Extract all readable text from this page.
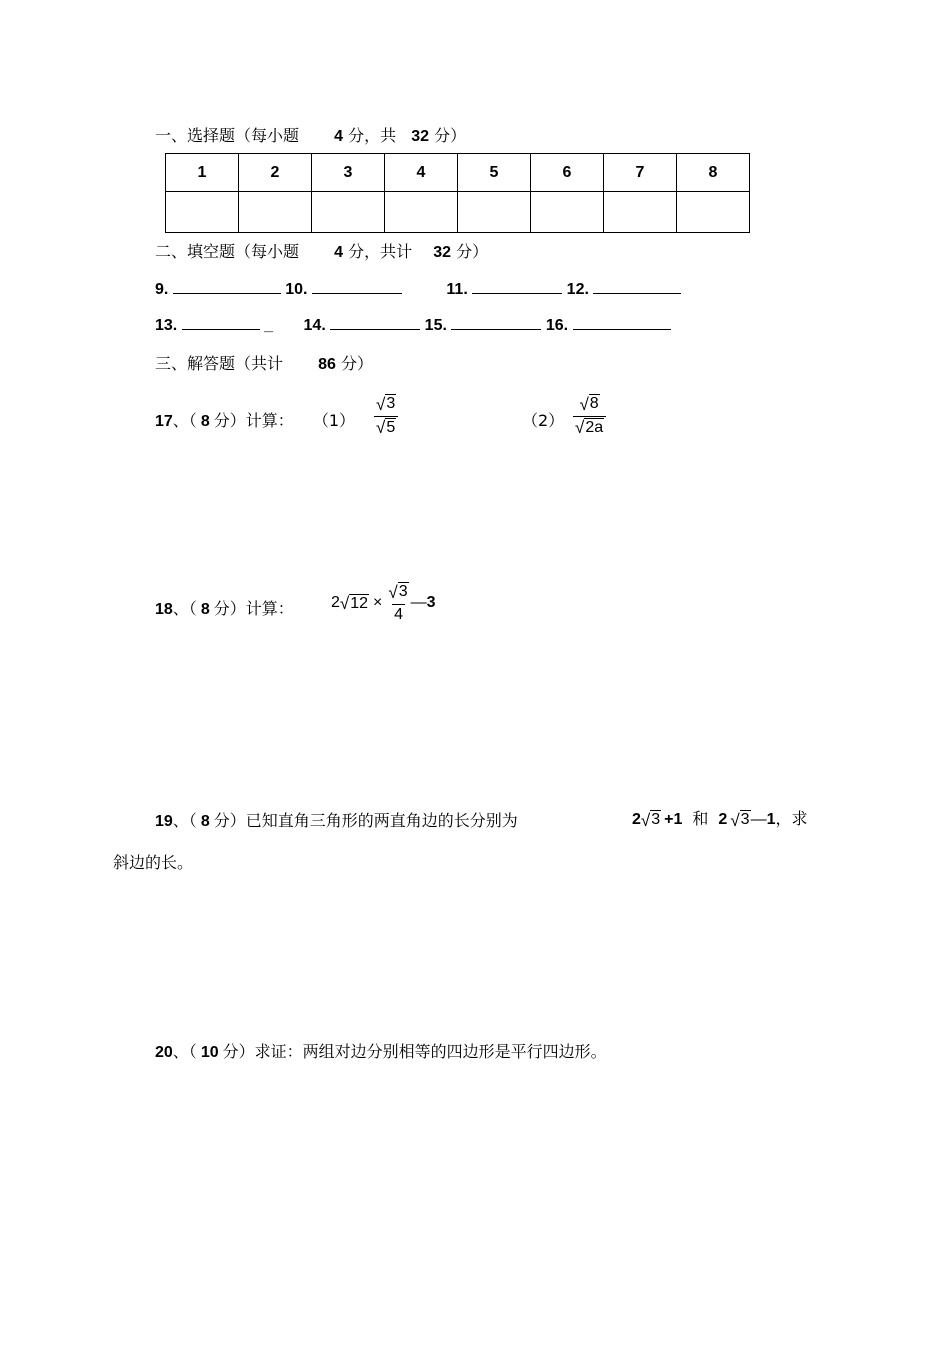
一、选择题（每小题 4 分，共 32 分）
1	2	3	4	5	6	7	8

二、填空题（每小题 4 分，共计 32 分）
9.	10.	11.	12.
13.	_ 14.	15.	16.
三、解答题（共计 86 分）
17、（ 8 分）计算： $(1) \frac{√ 3}{√ 5}$	$(2) \frac{√ 8}{√ 2a}$
18、（ 8 分）计算： 2 √ $12 \times \frac{√ 3}{4}$ — 3
19、（ 8 分）已知直角三角形的两直角边的长分别为	2 √ 3 +1 和 2 √ 3 — 1 ，求
斜边的长。
20、（ 10 分）求证：两组对边分别相等的四边形是平行四边形。
